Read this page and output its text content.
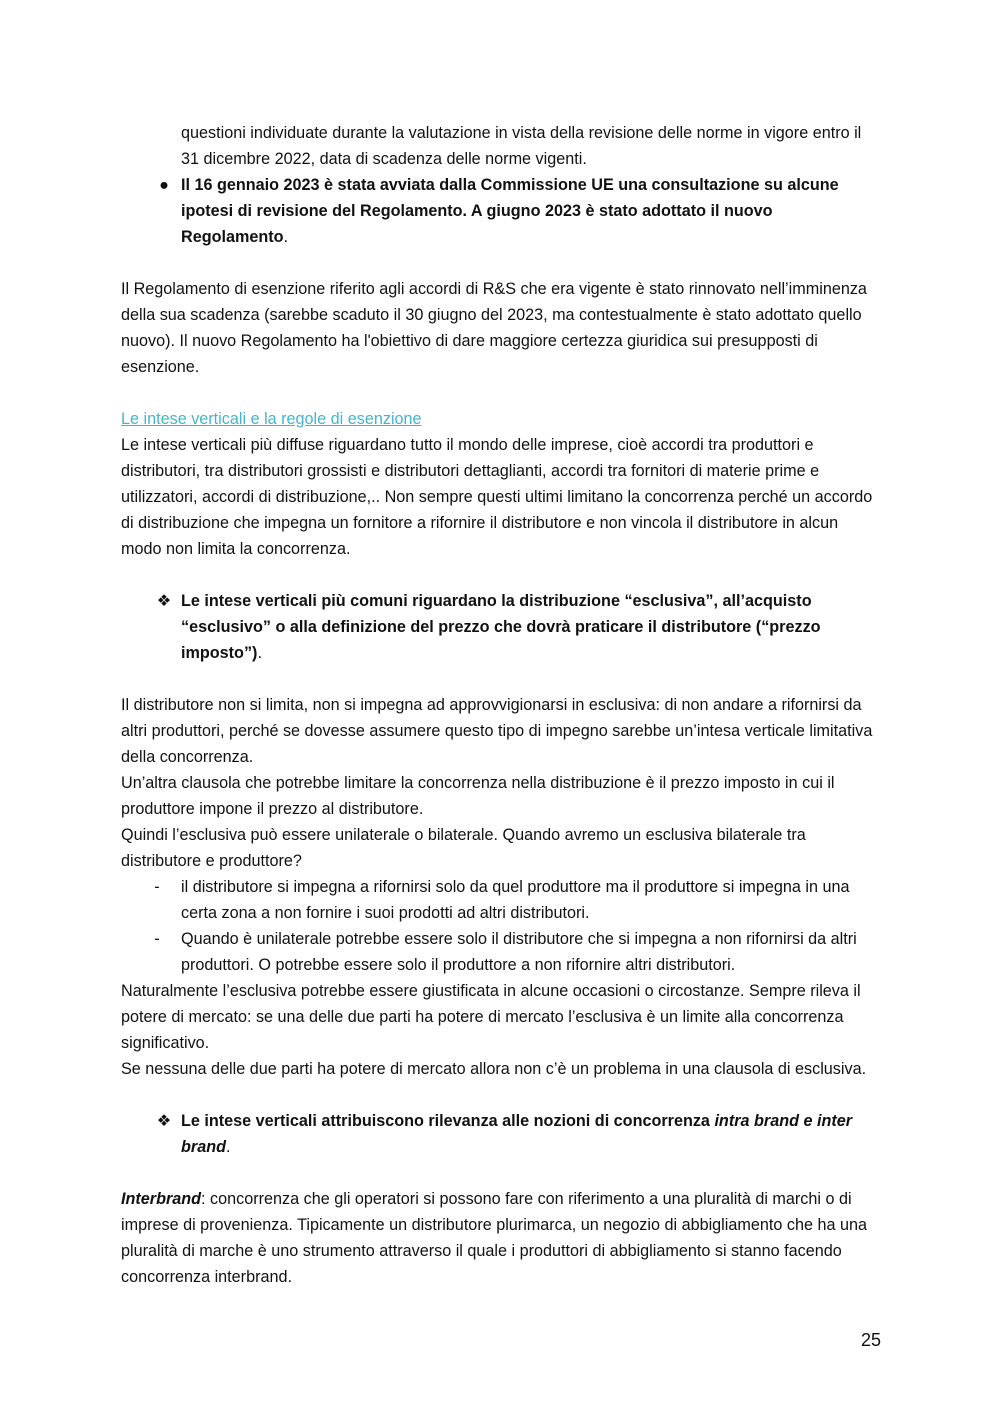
questioni individuate durante la valutazione in vista della revisione delle norme in vigore entro il 31 dicembre 2022, data di scadenza delle norme vigenti.

● Il 16 gennaio 2023 è stata avviata dalla Commissione UE una consultazione su alcune ipotesi di revisione del Regolamento. A giugno 2023 è stato adottato il nuovo Regolamento.

Il Regolamento di esenzione riferito agli accordi di R&S che era vigente è stato rinnovato nell’imminenza della sua scadenza (sarebbe scaduto il 30 giugno del 2023, ma contestualmente è stato adottato quello nuovo). Il nuovo Regolamento ha l'obiettivo di dare maggiore certezza giuridica sui presupposti di esenzione.

Le intese verticali e la regole di esenzione

Le intese verticali più diffuse riguardano tutto il mondo delle imprese, cioè accordi tra produttori e distributori, tra distributori grossisti e distributori dettaglianti, accordi tra fornitori di materie prime e utilizzatori, accordi di distribuzione,.. Non sempre questi ultimi limitano la concorrenza perché un accordo di distribuzione che impegna un fornitore a rifornire il distributore e non vincola il distributore in alcun modo non limita la concorrenza.

❖ Le intese verticali più comuni riguardano la distribuzione “esclusiva”, all’acquisto “esclusivo” o alla definizione del prezzo che dovrà praticare il distributore (“prezzo imposto”).

Il distributore non si limita, non si impegna ad approvvigionarsi in esclusiva: di non andare a rifornirsi da altri produttori, perché se dovesse assumere questo tipo di impegno sarebbe un’intesa verticale limitativa della concorrenza.

Un’altra clausola che potrebbe limitare la concorrenza nella distribuzione è il prezzo imposto in cui il produttore impone il prezzo al distributore.

Quindi l’esclusiva può essere unilaterale o bilaterale. Quando avremo un esclusiva bilaterale tra distributore e produttore?

-	il distributore si impegna a rifornirsi solo da quel produttore ma il produttore si impegna in una certa zona a non fornire i suoi prodotti ad altri distributori.
-	Quando è unilaterale potrebbe essere solo il distributore che si impegna a non rifornirsi da altri produttori. O potrebbe essere solo il produttore a non rifornire altri distributori.

Naturalmente l’esclusiva potrebbe essere giustificata in alcune occasioni o circostanze. Sempre rileva il potere di mercato: se una delle due parti ha potere di mercato l’esclusiva è un limite alla concorrenza significativo.

Se nessuna delle due parti ha potere di mercato allora non c’è un problema in una clausola di esclusiva.

❖ Le intese verticali attribuiscono rilevanza alle nozioni di concorrenza intra brand e inter brand.

Interbrand: concorrenza che gli operatori si possono fare con riferimento a una pluralità di marchi o di imprese di provenienza. Tipicamente un distributore plurimarca, un negozio di abbigliamento che ha una pluralità di marche è uno strumento attraverso il quale i produttori di abbigliamento si stanno facendo concorrenza interbrand.

25
